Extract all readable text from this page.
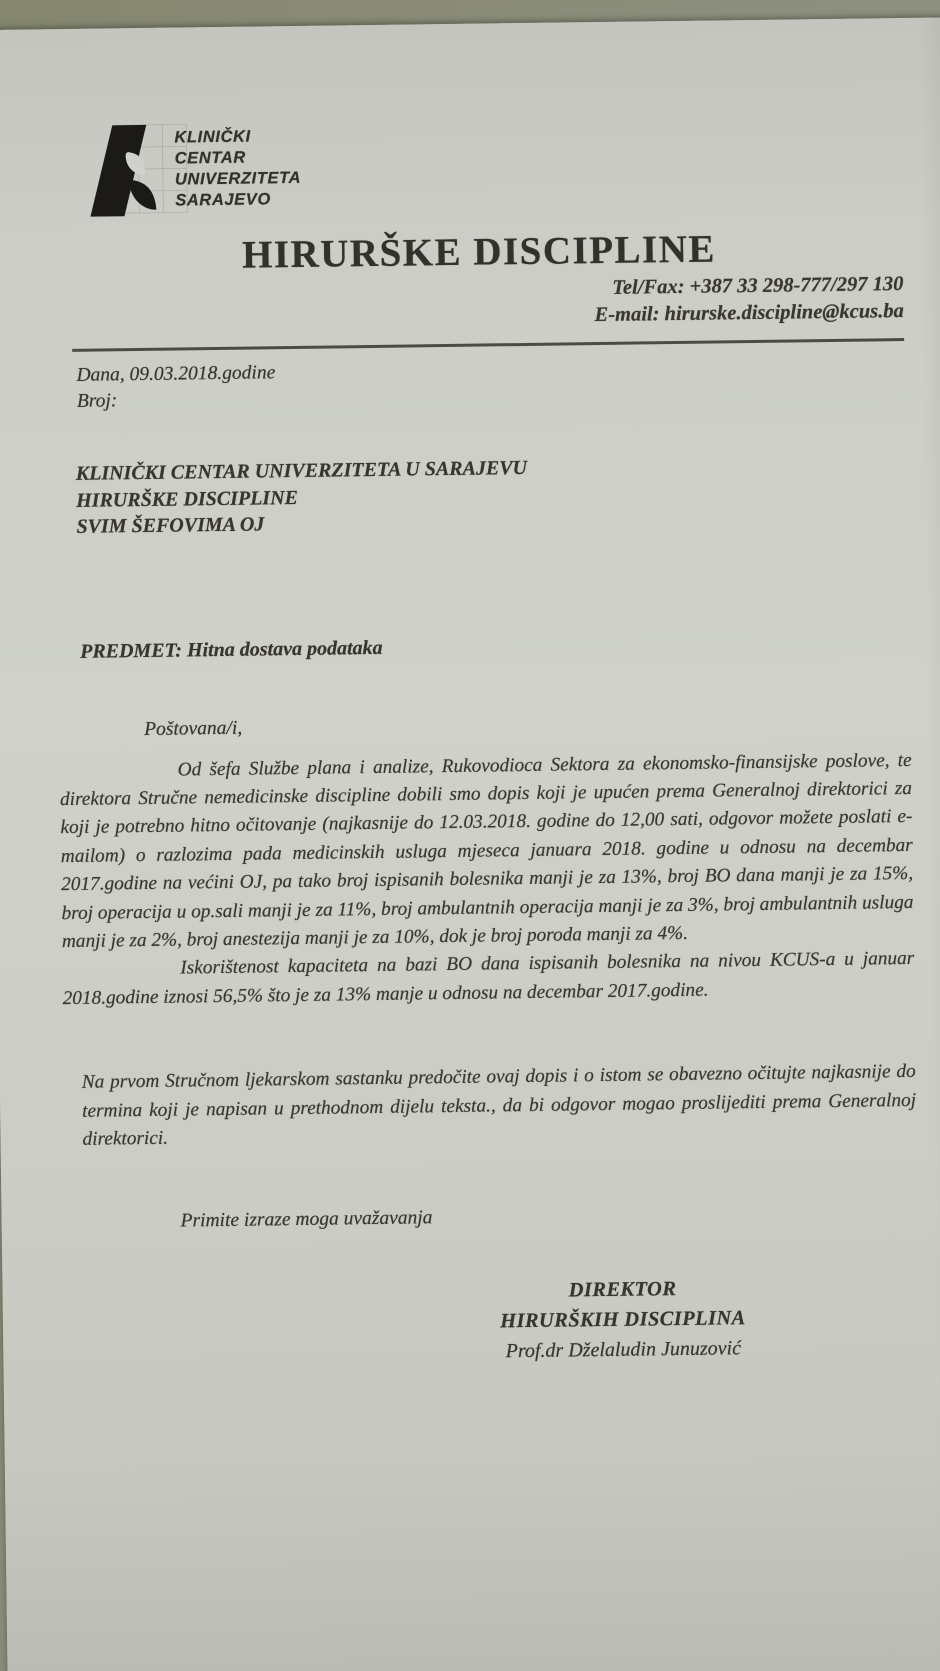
KLINIČKI
CENTAR
UNIVERZITETA
SARAJEVO
HIRURŠKE DISCIPLINE
Tel/Fax: +387 33 298-777/297 130
E-mail: hirurske.discipline@kcus.ba
Dana, 09.03.2018.godine
Broj:
KLINIČKI CENTAR UNIVERZITETA U SARAJEVU
HIRURŠKE DISCIPLINE
SVIM ŠEFOVIMA OJ
PREDMET: Hitna dostava podataka
Poštovana/i,

Od šefa Službe plana i analize, Rukovodioca Sektora za ekonomsko-finansijske poslove, te direktora Stručne nemedicinske discipline dobili smo dopis koji je upućen prema Generalnoj direktorici za koji je potrebno hitno očitovanje (najkasnije do 12.03.2018. godine do 12,00 sati, odgovor možete poslati e-mailom) o razlozima pada medicinskih usluga mjeseca januara 2018. godine u odnosu na decembar 2017.godine na većini OJ, pa tako broj ispisanih bolesnika manji je za 13%, broj BO dana manji je za 15%, broj operacija u op.sali manji je za 11%, broj ambulantnih operacija manji je za 3%, broj ambulantnih usluga manji je za 2%, broj anestezija manji je za 10%, dok je broj poroda manji za 4%.

Iskorištenost kapaciteta na bazi BO dana ispisanih bolesnika na nivou KCUS-a u januar 2018.godine iznosi 56,5% što je za 13% manje u odnosu na decembar 2017.godine.

Na prvom Stručnom ljekarskom sastanku predočite ovaj dopis i o istom se obavezno očitujte najkasnije do termina koji je napisan u prethodnom dijelu teksta., da bi odgovor mogao proslijediti prema Generalnoj direktorici.

Primite izraze moga uvažavanja
DIREKTOR
HIRURŠKIH DISCIPLINA
Prof.dr Dželaludin Junuzović
